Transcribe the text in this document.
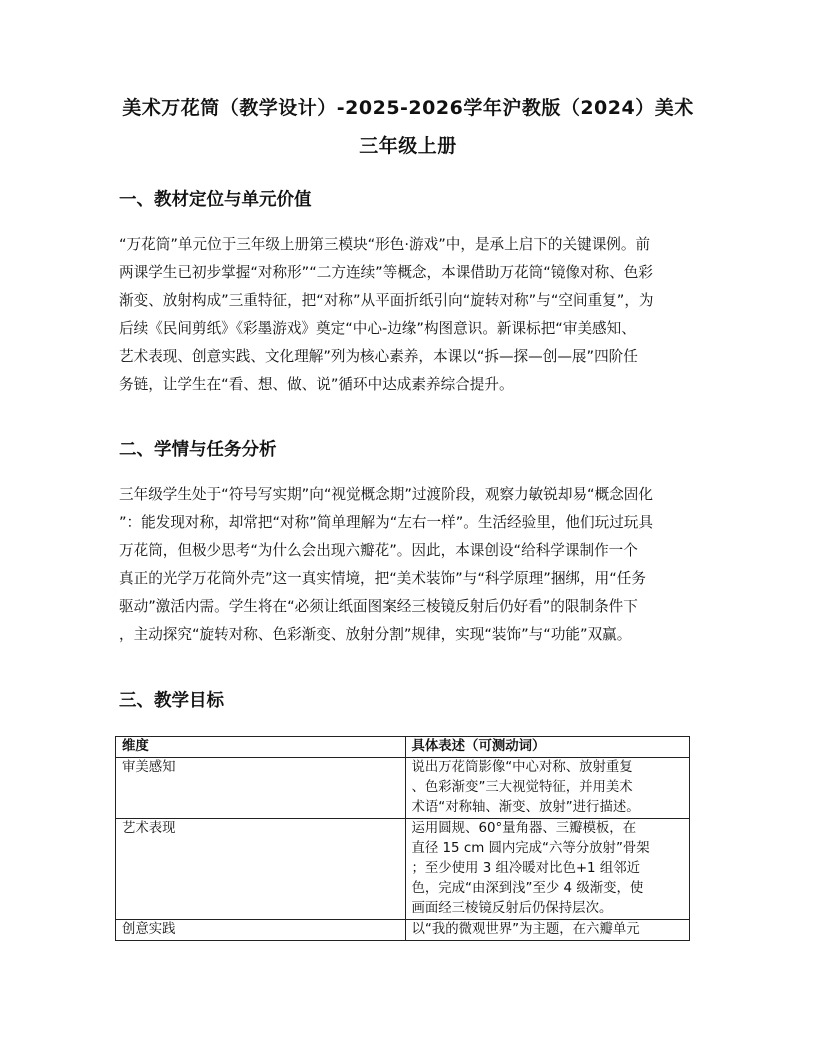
美术万花筒（教学设计）-2025-2026学年沪教版（2024）美术
三年级上册
一、教材定位与单元价值
“万花筒”单元位于三年级上册第三模块“形色·游戏”中，是承上启下的关键课例。前
两课学生已初步掌握“对称形”“二方连续”等概念，本课借助万花筒“镜像对称、色彩
渐变、放射构成”三重特征，把“对称”从平面折纸引向“旋转对称”与“空间重复”，为
后续《民间剪纸》《彩墨游戏》奠定“中心-边缘”构图意识。新课标把“审美感知、
艺术表现、创意实践、文化理解”列为核心素养，本课以“拆—探—创—展”四阶任
务链，让学生在“看、想、做、说”循环中达成素养综合提升。
二、学情与任务分析
三年级学生处于“符号写实期”向“视觉概念期”过渡阶段，观察力敏锐却易“概念固化
”：能发现对称，却常把“对称”简单理解为“左右一样”。生活经验里，他们玩过玩具
万花筒，但极少思考“为什么会出现六瓣花”。因此，本课创设“给科学课制作一个
真正的光学万花筒外壳”这一真实情境，把“美术装饰”与“科学原理”捆绑，用“任务
驱动”激活内需。学生将在“必须让纸面图案经三棱镜反射后仍好看”的限制条件下
，主动探究“旋转对称、色彩渐变、放射分割”规律，实现“装饰”与“功能”双赢。
三、教学目标
维度	具体表述（可测动词）
审美感知	说出万花筒影像“中心对称、放射重复
、色彩渐变”三大视觉特征，并用美术
术语“对称轴、渐变、放射”进行描述。

艺术表现	运用圆规、60°量角器、三瓣模板，在
直径 15 cm 圆内完成“六等分放射”骨架
；至少使用 3 组冷暖对比色+1 组邻近
色，完成“由深到浅”至少 4 级渐变，使
画面经三棱镜反射后仍保持层次。

创意实践	以“我的微观世界”为主题，在六瓣单元
